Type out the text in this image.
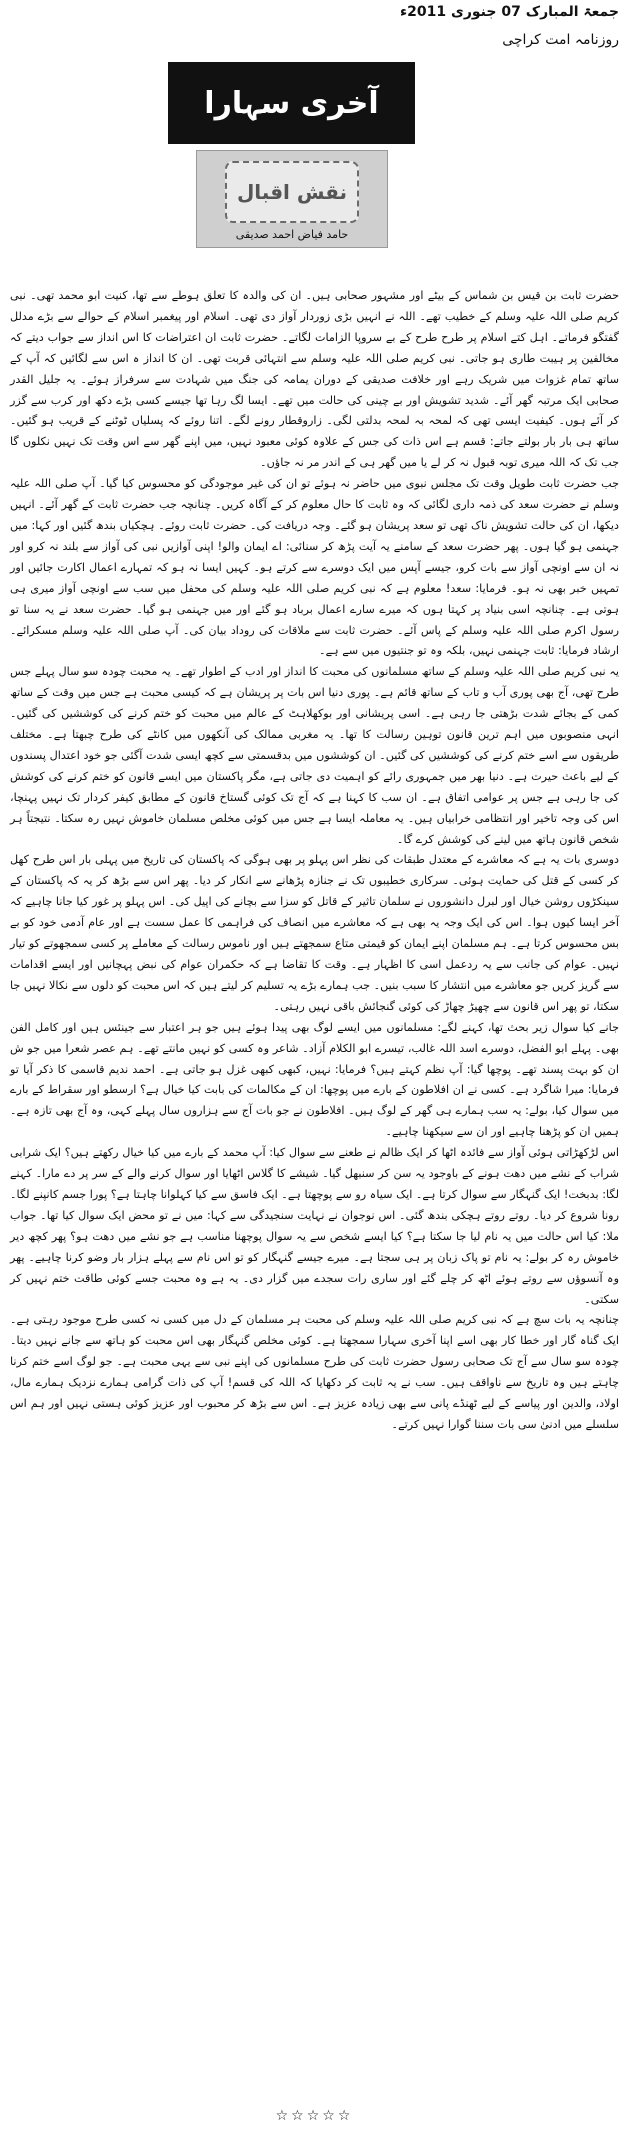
جمعۃ المبارک 07 جنوری 2011ء
روزنامہ امت کراچی
آخری سہارا
نقش اقبال
حامد فیاض احمد صدیقی

حضرت ثابت بن قیس بن شماس کے بیٹے اور مشہور صحابی ہیں۔ ان کی والدہ کا تعلق ہوطے سے تھا، کنیت ابو محمد تھی۔ نبی کریم صلی اللہ علیہ وسلم کے خطیب تھے۔ اللہ نے انہیں بڑی زوردار آواز دی تھی۔ اسلام اور پیغمبر اسلام کے حوالے سے بڑے مدلل گفتگو فرماتے۔ اہل کتے اسلام پر طرح طرح کے بے سروپا الزامات لگاتے۔ حضرت ثابت ان اعتراضات کا اس انداز سے جواب دیتے کہ مخالفین پر ہیبت طاری ہو جاتی۔ نبی کریم صلی اللہ علیہ وسلم سے انتہائی قربت تھی۔ ان کا انداز ہ اس سے لگائیں کہ آپ کے ساتھ تمام غزوات میں شریک رہے اور خلافت صدیقی کے دوران یمامہ کی جنگ میں شہادت سے سرفراز ہوئے۔ یہ جلیل القدر صحابی ایک مرتبہ گھر آئے۔ شدید تشویش اور بے چینی کی حالت میں تھے۔ ایسا لگ رہا تھا جیسے کسی بڑے دکھ اور کرب سے گزر کر آئے ہوں۔ کیفیت ایسی تھی کہ لمحہ بہ لمحہ بدلتی لگی۔ زاروقطار رونے لگے۔ اتنا روئے کہ پسلیاں ٹوٹنے کے قریب ہو گئیں۔ ساتھ ہی بار بار بولتے جاتے: قسم ہے اس ذات کی جس کے علاوہ کوئی معبود نہیں، میں اپنے گھر سے اس وقت تک نہیں نکلوں گا جب تک کہ اللہ میری توبہ قبول نہ کر لے یا میں گھر ہی کے اندر مر نہ جاؤں۔

جب حضرت ثابت طویل وقت تک مجلس نبوی میں حاضر نہ ہوئے تو ان کی غیر موجودگی کو محسوس کیا گیا۔ آپ صلی اللہ علیہ وسلم نے حضرت سعد کی ذمہ داری لگائی کہ وہ ثابت کا حال معلوم کر کے آگاہ کریں۔ چنانچہ جب حضرت ثابت کے گھر آئے۔ انہیں دیکھا، ان کی حالت تشویش ناک تھی تو سعد پریشان ہو گئے۔ وجہ دریافت کی۔ حضرت ثابت روئے۔ ہچکیاں بندھ گئیں اور کہا: میں جہنمی ہو گیا ہوں۔ پھر حضرت سعد کے سامنے یہ آیت پڑھ کر سنائی: اے ایمان والو! اپنی آوازیں نبی کی آواز سے بلند نہ کرو اور نہ ان سے اونچی آواز سے بات کرو، جیسے آپس میں ایک دوسرے سے کرتے ہو۔ کہیں ایسا نہ ہو کہ تمہارے اعمال اکارت جائیں اور تمہیں خبر بھی نہ ہو۔ فرمایا: سعد! معلوم ہے کہ نبی کریم صلی اللہ علیہ وسلم کی محفل میں سب سے اونچی آواز میری ہی ہوتی ہے۔ چنانچہ اسی بنیاد پر کہتا ہوں کہ میرے سارے اعمال برباد ہو گئے اور میں جہنمی ہو گیا۔ حضرت سعد نے یہ سنا تو رسول اکرم صلی اللہ علیہ وسلم کے پاس آئے۔ حضرت ثابت سے ملاقات کی روداد بیان کی۔ آپ صلی اللہ علیہ وسلم مسکرائے۔ ارشاد فرمایا: ثابت جہنمی نہیں، بلکہ وہ تو جنتیوں میں سے ہے۔

یہ نبی کریم صلی اللہ علیہ وسلم کے ساتھ مسلمانوں کی محبت کا انداز اور ادب کے اطوار تھے۔ یہ محبت چودہ سو سال پہلے جس طرح تھی، آج بھی پوری آب و تاب کے ساتھ قائم ہے۔ پوری دنیا اس بات پر پریشان ہے کہ کیسی محبت ہے جس میں وقت کے ساتھ کمی کے بجائے شدت بڑھتی جا رہی ہے۔ اسی پریشانی اور بوکھلاہٹ کے عالم میں محبت کو ختم کرنے کی کوششیں کی گئیں۔ انہی منصوبوں میں اہم ترین قانون توہین رسالت کا تھا۔ یہ مغربی ممالک کی آنکھوں میں کانٹے کی طرح چبھتا ہے۔ مختلف طریقوں سے اسے ختم کرنے کی کوششیں کی گئیں۔ ان کوششوں میں بدقسمتی سے کچھ ایسی شدت آگئی جو خود اعتدال پسندوں کے لیے باعث حیرت ہے۔ دنیا بھر میں جمہوری رائے کو اہمیت دی جاتی ہے، مگر پاکستان میں ایسے قانون کو ختم کرنے کی کوشش کی جا رہی ہے جس پر عوامی اتفاق ہے۔ ان سب کا کہنا ہے کہ آج تک کوئی گستاخ قانون کے مطابق کیفر کردار تک نہیں پہنچا، اس کی وجہ تاخیر اور انتظامی خرابیاں ہیں۔ یہ معاملہ ایسا ہے جس میں کوئی مخلص مسلمان خاموش نہیں رہ سکتا۔ نتیجتاً ہر شخص قانون ہاتھ میں لینے کی کوشش کرے گا۔

دوسری بات یہ ہے کہ معاشرے کے معتدل طبقات کی نظر اس پہلو پر بھی ہوگی کہ پاکستان کی تاریخ میں پہلی بار اس طرح کھل کر کسی کے قتل کی حمایت ہوئی۔ سرکاری خطیبوں تک نے جنازہ پڑھانے سے انکار کر دیا۔ پھر اس سے بڑھ کر یہ کہ پاکستان کے سینکڑوں روشن خیال اور لبرل دانشوروں نے سلمان تاثیر کے قاتل کو سزا سے بچانے کی اپیل کی۔ اس پہلو پر غور کیا جانا چاہیے کہ آخر ایسا کیوں ہوا۔ اس کی ایک وجہ یہ بھی ہے کہ معاشرے میں انصاف کی فراہمی کا عمل سست ہے اور عام آدمی خود کو بے بس محسوس کرتا ہے۔ ہم مسلمان اپنے ایمان کو قیمتی متاع سمجھتے ہیں اور ناموس رسالت کے معاملے پر کسی سمجھوتے کو تیار نہیں۔ عوام کی جانب سے یہ ردعمل اسی کا اظہار ہے۔ وقت کا تقاضا ہے کہ حکمران عوام کی نبض پہچانیں اور ایسے اقدامات سے گریز کریں جو معاشرے میں انتشار کا سبب بنیں۔ جب ہمارے بڑے یہ تسلیم کر لیتے ہیں کہ اس محبت کو دلوں سے نکالا نہیں جا سکتا، تو پھر اس قانون سے چھیڑ چھاڑ کی کوئی گنجائش باقی نہیں رہتی۔

جانے کیا سوال زیر بحث تھا، کہنے لگے: مسلمانوں میں ایسے لوگ بھی پیدا ہوئے ہیں جو ہر اعتبار سے جینئس ہیں اور کامل الفن بھی۔ پہلے ابو الفضل، دوسرے اسد اللہ غالب، تیسرے ابو الکلام آزاد۔ شاعر وہ کسی کو نہیں مانتے تھے۔ ہم عصر شعرا میں جو ش ان کو بہت پسند تھے۔ پوچھا گیا: آپ نظم کہتے ہیں؟ فرمایا: نہیں، کبھی کبھی غزل ہو جاتی ہے۔ احمد ندیم قاسمی کا ذکر آیا تو فرمایا: میرا شاگرد ہے۔ کسی نے ان افلاطون کے بارے میں پوچھا: ان کے مکالمات کی بابت کیا خیال ہے؟ ارسطو اور سقراط کے بارے میں سوال کیا، بولے: یہ سب ہمارے ہی گھر کے لوگ ہیں۔ افلاطون نے جو بات آج سے ہزاروں سال پہلے کہی، وہ آج بھی تازہ ہے۔ ہمیں ان کو پڑھنا چاہیے اور ان سے سیکھنا چاہیے۔

اس لڑکھڑاتی ہوئی آواز سے فائدہ اٹھا کر ایک ظالم نے طعنے سے سوال کیا: آپ محمد کے بارے میں کیا خیال رکھتے ہیں؟ ایک شرابی شراب کے نشے میں دھت ہونے کے باوجود یہ سن کر سنبھل گیا۔ شیشے کا گلاس اٹھایا اور سوال کرنے والے کے سر پر دے مارا۔ کہنے لگا: بدبخت! ایک گنہگار سے سوال کرتا ہے۔ ایک سیاہ رو سے پوچھتا ہے۔ ایک فاسق سے کیا کہلوانا چاہتا ہے؟ پورا جسم کانپنے لگا۔ رونا شروع کر دیا۔ روتے روتے ہچکی بندھ گئی۔ اس نوجوان نے نہایت سنجیدگی سے کہا: میں نے تو محض ایک سوال کیا تھا۔ جواب ملا: کیا اس حالت میں یہ نام لیا جا سکتا ہے؟ کیا ایسے شخص سے یہ سوال پوچھنا مناسب ہے جو نشے میں دھت ہو؟ پھر کچھ دیر خاموش رہ کر بولے: یہ نام تو پاک زبان پر ہی سجتا ہے۔ میرے جیسے گنہگار کو تو اس نام سے پہلے ہزار بار وضو کرنا چاہیے۔ پھر وہ آنسوؤں سے روتے ہوئے اٹھ کر چلے گئے اور ساری رات سجدے میں گزار دی۔ یہ ہے وہ محبت جسے کوئی طاقت ختم نہیں کر سکتی۔

چنانچہ یہ بات سچ ہے کہ نبی کریم صلی اللہ علیہ وسلم کی محبت ہر مسلمان کے دل میں کسی نہ کسی طرح موجود رہتی ہے۔ ایک گناہ گار اور خطا کار بھی اسے اپنا آخری سہارا سمجھتا ہے۔ کوئی مخلص گنہگار بھی اس محبت کو ہاتھ سے جانے نہیں دیتا۔ چودہ سو سال سے آج تک صحابی رسول حضرت ثابت کی طرح مسلمانوں کی اپنے نبی سے یہی محبت ہے۔ جو لوگ اسے ختم کرنا چاہتے ہیں وہ تاریخ سے ناواقف ہیں۔ سب نے یہ ثابت کر دکھایا کہ اللہ کی قسم! آپ کی ذات گرامی ہمارے نزدیک ہمارے مال، اولاد، والدین اور پیاسے کے لیے ٹھنڈے پانی سے بھی زیادہ عزیز ہے۔ اس سے بڑھ کر محبوب اور عزیز کوئی ہستی نہیں اور ہم اس سلسلے میں ادنیٰ سی بات سننا گوارا نہیں کرتے۔

☆☆☆☆☆
